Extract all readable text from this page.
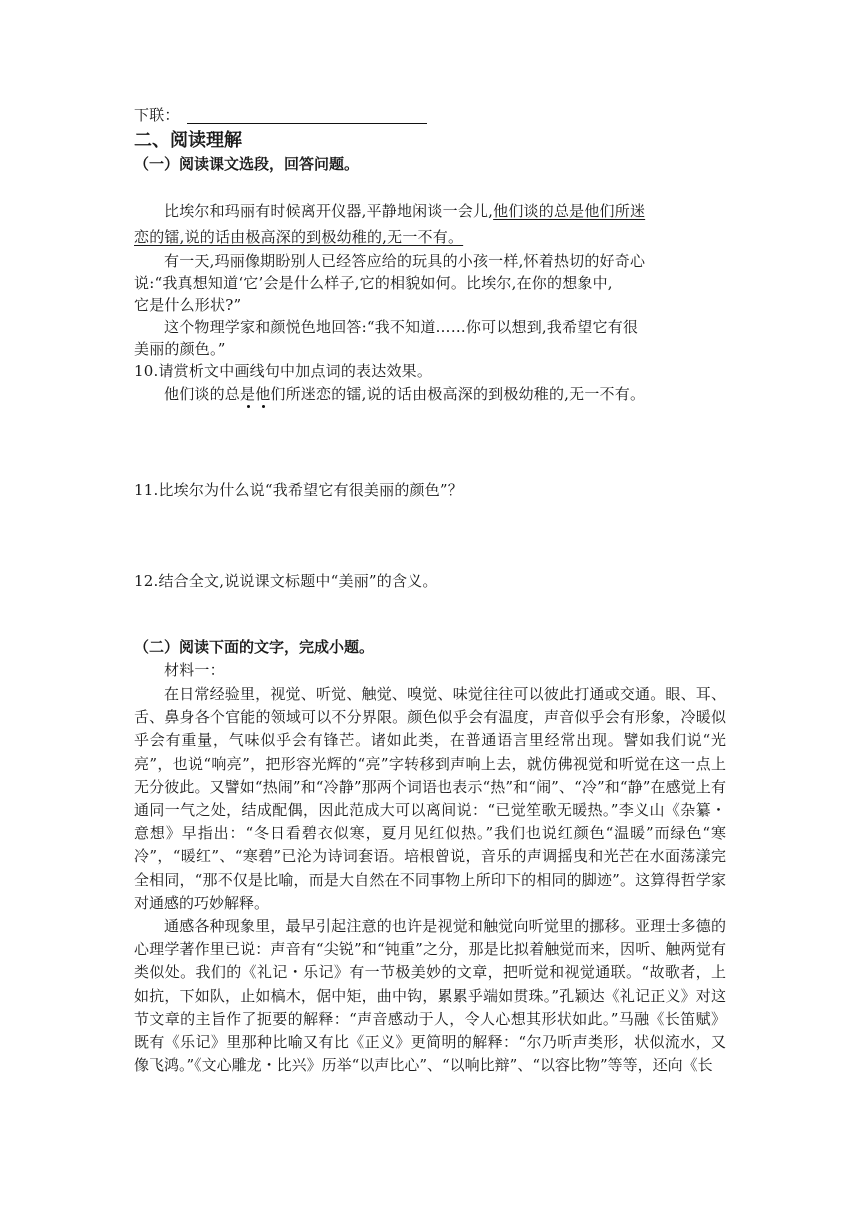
下联：
二、阅读理解
（一）阅读课文选段，回答问题。
比埃尔和玛丽有时候离开仪器,平静地闲谈一会儿,他们谈的总是他们所迷
恋的镭,说的话由极高深的到极幼稚的,无一不有。
有一天,玛丽像期盼别人已经答应给的玩具的小孩一样,怀着热切的好奇心
说:“我真想知道‘它’会是什么样子,它的相貌如何。比埃尔,在你的想象中,
它是什么形状?”
这个物理学家和颜悦色地回答:“我不知道……你可以想到,我希望它有很
美丽的颜色。”
10.请赏析文中画线句中加点词的表达效果。
他们谈的总是他们所迷恋的镭,说的话由极高深的到极幼稚的,无一不有。
11.比埃尔为什么说“我希望它有很美丽的颜色”？
12.结合全文,说说课文标题中“美丽”的含义。
（二）阅读下面的文字，完成小题。
材料一：

在日常经验里，视觉、听觉、触觉、嗅觉、味觉往往可以彼此打通或交通。眼、耳、舌、鼻身各个官能的领域可以不分界限。颜色似乎会有温度，声音似乎会有形象，冷暖似乎会有重量，气味似乎会有锋芒。诸如此类，在普通语言里经常出现。譬如我们说“光亮”，也说“响亮”，把形容光辉的“亮”字转移到声响上去，就仿佛视觉和听觉在这一点上无分彼此。又譬如“热闹”和“冷静”那两个词语也表示“热”和“闹”、“冷”和“静”在感觉上有通同一气之处，结成配偶，因此范成大可以离间说：“已觉笙歌无暖热。”李义山《杂纂・意想》早指出：“冬日看碧衣似寒，夏月见红似热。”我们也说红颜色“温暖”而绿色“寒冷”，“暖红”、“寒碧”已沦为诗词套语。培根曾说，音乐的声调摇曳和光芒在水面荡漾完全相同，“那不仅是比喻，而是大自然在不同事物上所印下的相同的脚迹”。这算得哲学家对通感的巧妙解释。

通感各种现象里，最早引起注意的也许是视觉和触觉向听觉里的挪移。亚理士多德的心理学著作里已说：声音有“尖锐”和“钝重”之分，那是比拟着触觉而来，因听、触两觉有类似处。我们的《礼记・乐记》有一节极美妙的文章，把听觉和视觉通联。“故歌者，上如抗，下如队，止如槁木，倨中矩，曲中钩，累累乎端如贯珠。”孔颖达《礼记正义》对这节文章的主旨作了扼要的解释：“声音感动于人，令人心想其形状如此。”马融《长笛赋》既有《乐记》里那种比喻又有比《正义》更简明的解释：“尔乃听声类形，状似流水，又像飞鸿。”《文心雕龙・比兴》历举“以声比心”、“以响比辩”、“以容比物”等等，还向《长
